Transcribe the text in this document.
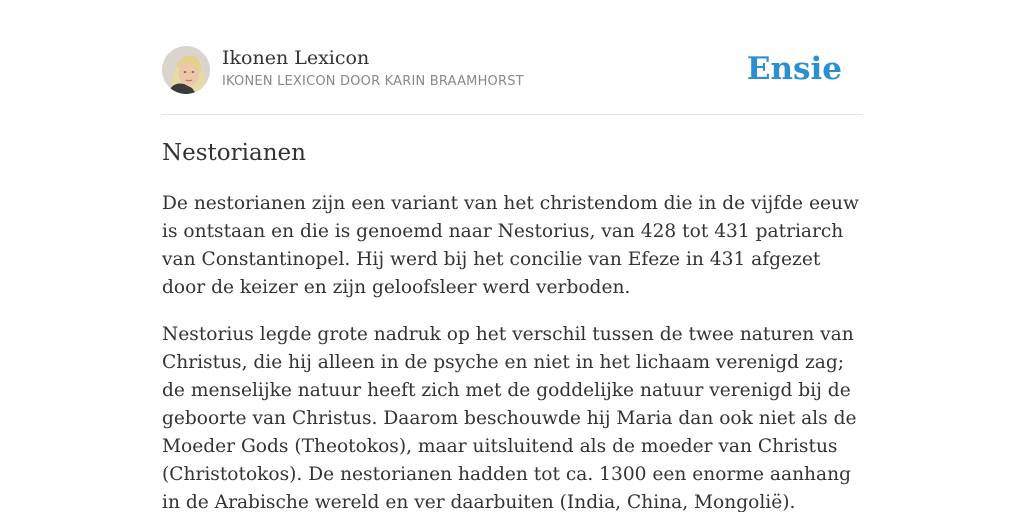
Ikonen Lexicon
IKONEN LEXICON DOOR KARIN BRAAMHORST	Ensie
Nestorianen

De nestorianen zijn een variant van het christendom die in de vijfde eeuw is ontstaan en die is genoemd naar Nestorius, van 428 tot 431 patriarch van Constantinopel. Hij werd bij het concilie van Efeze in 431 afgezet door de keizer en zijn geloofsleer werd verboden.

Nestorius legde grote nadruk op het verschil tussen de twee naturen van Christus, die hij alleen in de psyche en niet in het lichaam verenigd zag; de menselijke natuur heeft zich met de goddelijke natuur verenigd bij de geboorte van Christus. Daarom beschouwde hij Maria dan ook niet als de Moeder Gods (Theotokos), maar uitsluitend als de moeder van Christus (Christotokos). De nestorianen hadden tot ca. 1300 een enorme aanhang in de Arabische wereld en ver daarbuiten (India, China, Mongolië).
